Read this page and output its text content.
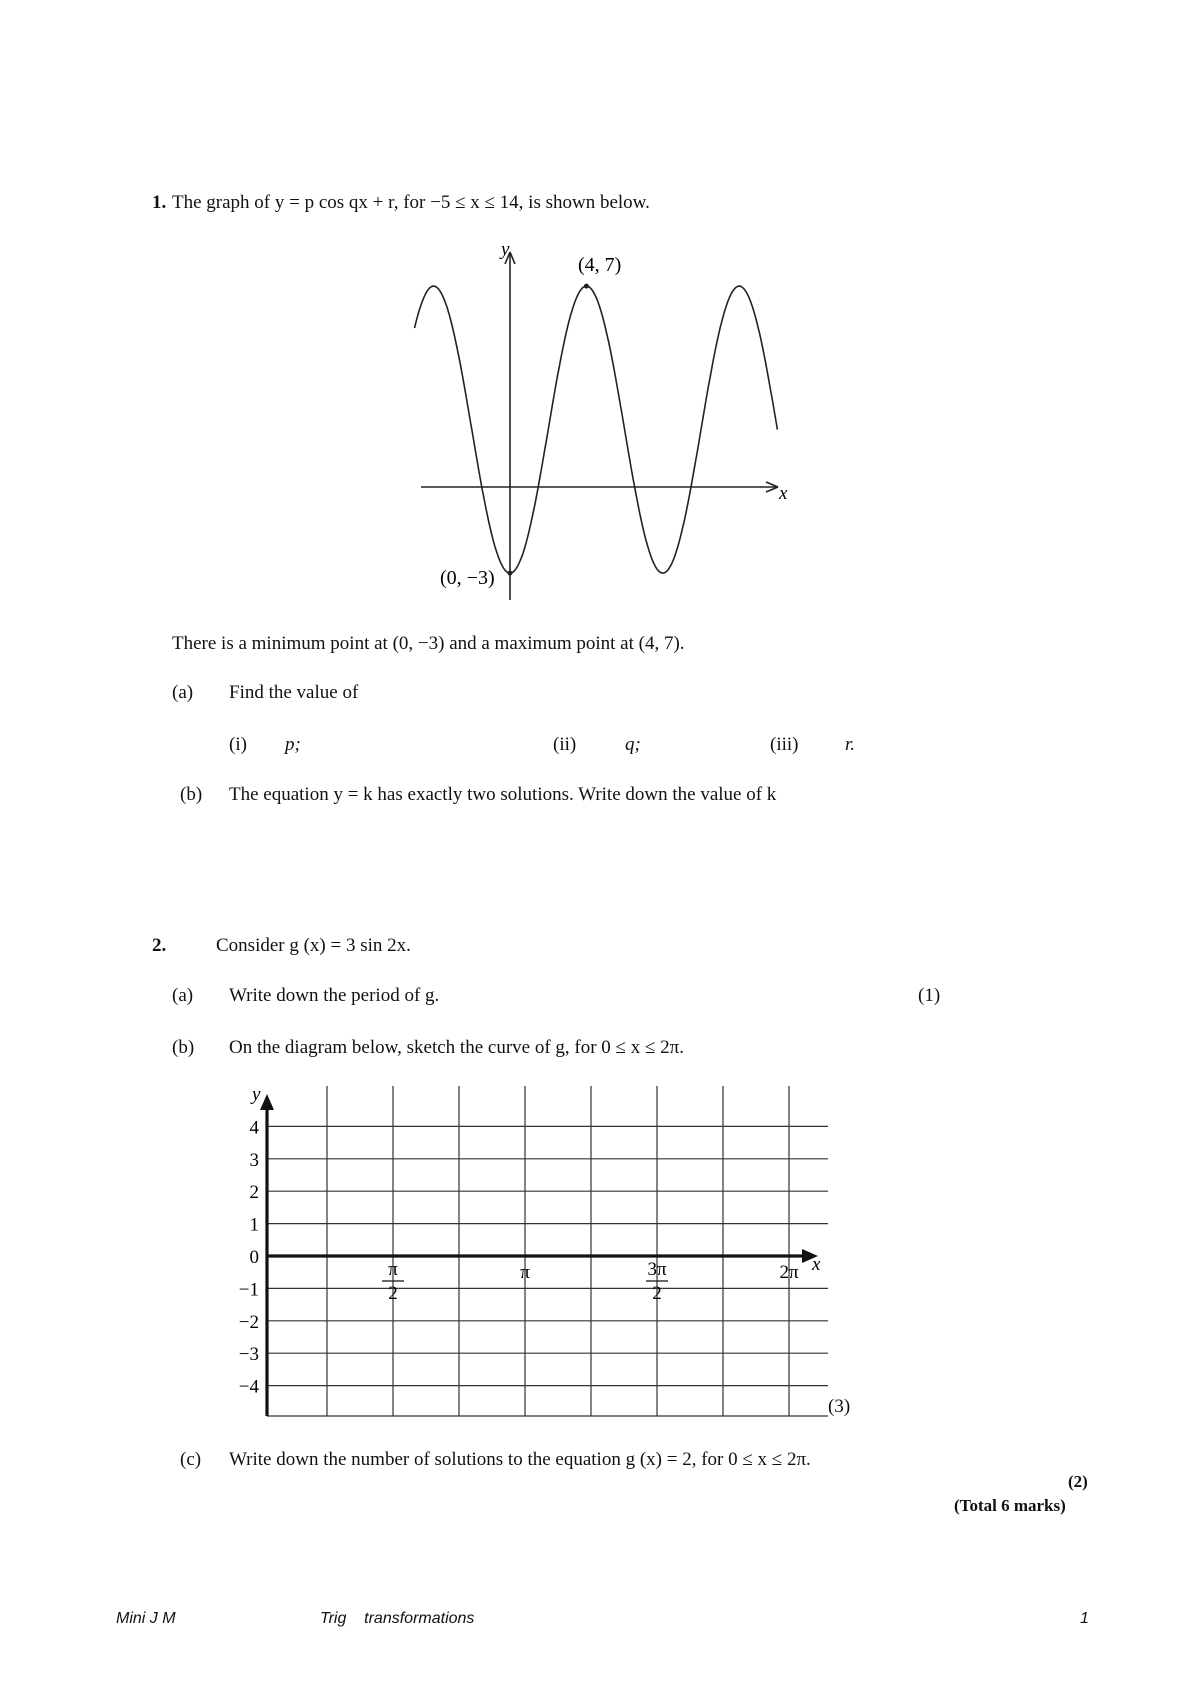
1. The graph of y = p cos qx + r, for −5 ≤ x ≤ 14, is shown below.
x
y
(4, 7)
(0, −3)
There is a minimum point at (0, −3) and a maximum point at (4, 7).
(a) Find the value of
(i) p;	(ii)	q;	(iii) r.
(b) The equation y = k has exactly two solutions. Write down the value of k
2.	Consider g (x) = 3 sin 2x.
(a) Write down the period of g.	(1)
(b) On the diagram below, sketch the curve of g, for 0 ≤ x ≤ 2π.
y
x
4
3
2
1
0
−1
−2
−3
−4
π
2
π	3π
2
2π
(3)
(c) Write down the number of solutions to the equation g (x) = 2, for 0 ≤ x ≤ 2π.
(2)
(Total 6 marks)
Mini J M	Trig    transformations	1
